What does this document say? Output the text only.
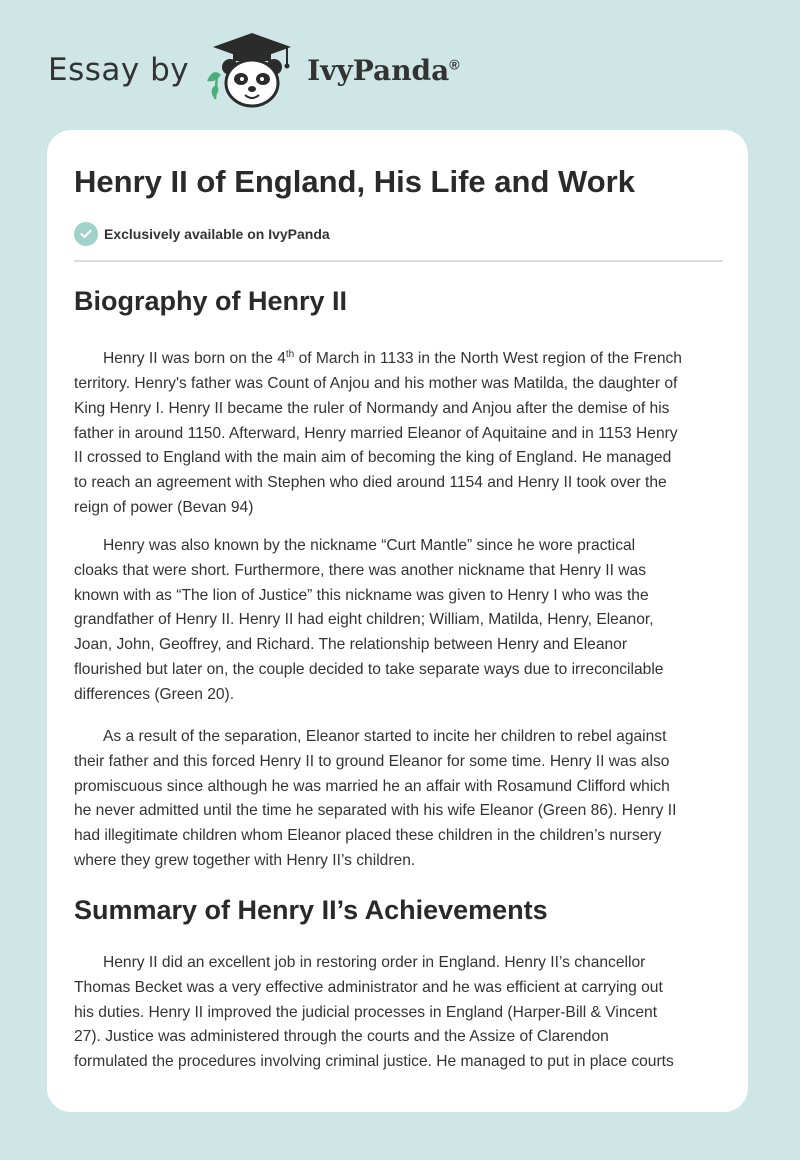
Essay by	IvyPanda®
Henry II of England, His Life and Work
Exclusively available on IvyPanda
Biography of Henry II

Henry II was born on the 4th of March in 1133 in the North West region of the French
territory. Henry's father was Count of Anjou and his mother was Matilda, the daughter of
King Henry I. Henry II became the ruler of Normandy and Anjou after the demise of his
father in around 1150. Afterward, Henry married Eleanor of Aquitaine and in 1153 Henry
II crossed to England with the main aim of becoming the king of England. He managed
to reach an agreement with Stephen who died around 1154 and Henry II took over the
reign of power (Bevan 94)

Henry was also known by the nickname “Curt Mantle” since he wore practical
cloaks that were short. Furthermore, there was another nickname that Henry II was
known with as “The lion of Justice” this nickname was given to Henry I who was the
grandfather of Henry II. Henry II had eight children; William, Matilda, Henry, Eleanor,
Joan, John, Geoffrey, and Richard. The relationship between Henry and Eleanor
flourished but later on, the couple decided to take separate ways due to irreconcilable
differences (Green 20).

As a result of the separation, Eleanor started to incite her children to rebel against
their father and this forced Henry II to ground Eleanor for some time. Henry II was also
promiscuous since although he was married he an affair with Rosamund Clifford which
he never admitted until the time he separated with his wife Eleanor (Green 86). Henry II
had illegitimate children whom Eleanor placed these children in the children’s nursery
where they grew together with Henry II’s children.

Summary of Henry II’s Achievements

Henry II did an excellent job in restoring order in England. Henry II’s chancellor
Thomas Becket was a very effective administrator and he was efficient at carrying out
his duties. Henry II improved the judicial processes in England (Harper-Bill & Vincent
27). Justice was administered through the courts and the Assize of Clarendon
formulated the procedures involving criminal justice. He managed to put in place courts
